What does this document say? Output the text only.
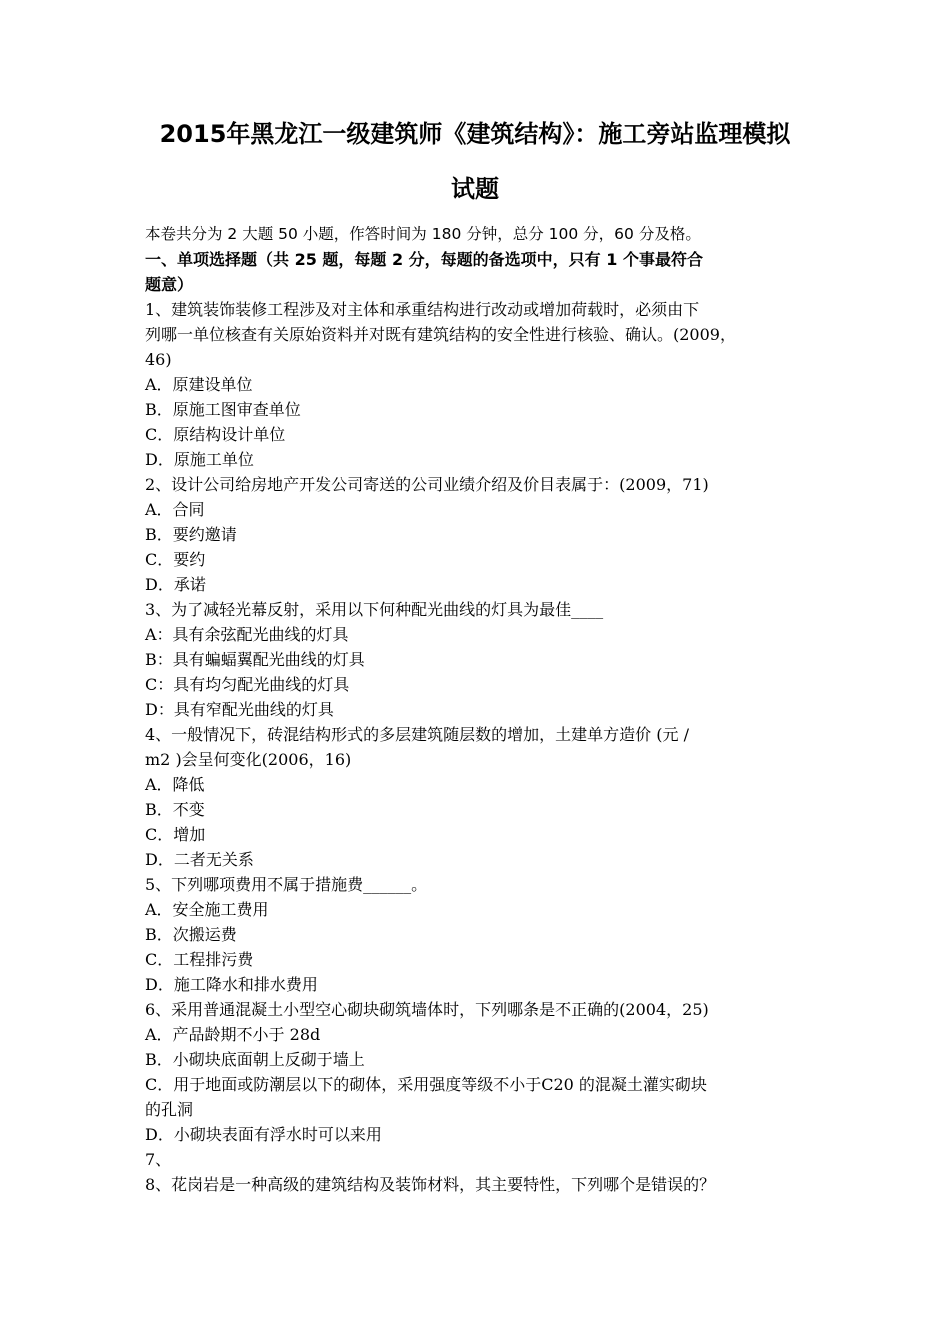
2015年黑龙江一级建筑师《建筑结构》：施工旁站监理模拟
试题
本卷共分为 2 大题 50 小题，作答时间为 180 分钟，总分 100 分，60 分及格。
一、单项选择题（共 25 题，每题 2 分，每题的备选项中，只有 1 个事最符合
题意）
1、建筑装饰装修工程涉及对主体和承重结构进行改动或增加荷载时，必须由下
列哪一单位核查有关原始资料并对既有建筑结构的安全性进行核验、确认。(2009，
46)
A．原建设单位
B．原施工图审查单位
C．原结构设计单位
D．原施工单位
2、设计公司给房地产开发公司寄送的公司业绩介绍及价目表属于：(2009，71)
A．合同
B．要约邀请
C．要约
D．承诺
3、为了减轻光幕反射，采用以下何种配光曲线的灯具为最佳____
A：具有余弦配光曲线的灯具
B：具有蝙蝠翼配光曲线的灯具
C：具有均匀配光曲线的灯具
D：具有窄配光曲线的灯具
4、一般情况下，砖混结构形式的多层建筑随层数的增加，土建单方造价 (元 /
m2 )会呈何变化(2006，16)
A．降低
B．不变
C．增加
D．二者无关系
5、下列哪项费用不属于措施费______。
A．安全施工费用
B．次搬运费
C．工程排污费
D．施工降水和排水费用
6、采用普通混凝土小型空心砌块砌筑墙体时，下列哪条是不正确的(2004，25)
A．产品龄期不小于 28d
B．小砌块底面朝上反砌于墙上
C．用于地面或防潮层以下的砌体，采用强度等级不小于C20 的混凝土灌实砌块
的孔洞
D．小砌块表面有浮水时可以来用
7、
8、花岗岩是一种高级的建筑结构及装饰材料，其主要特性，下列哪个是错误的？
